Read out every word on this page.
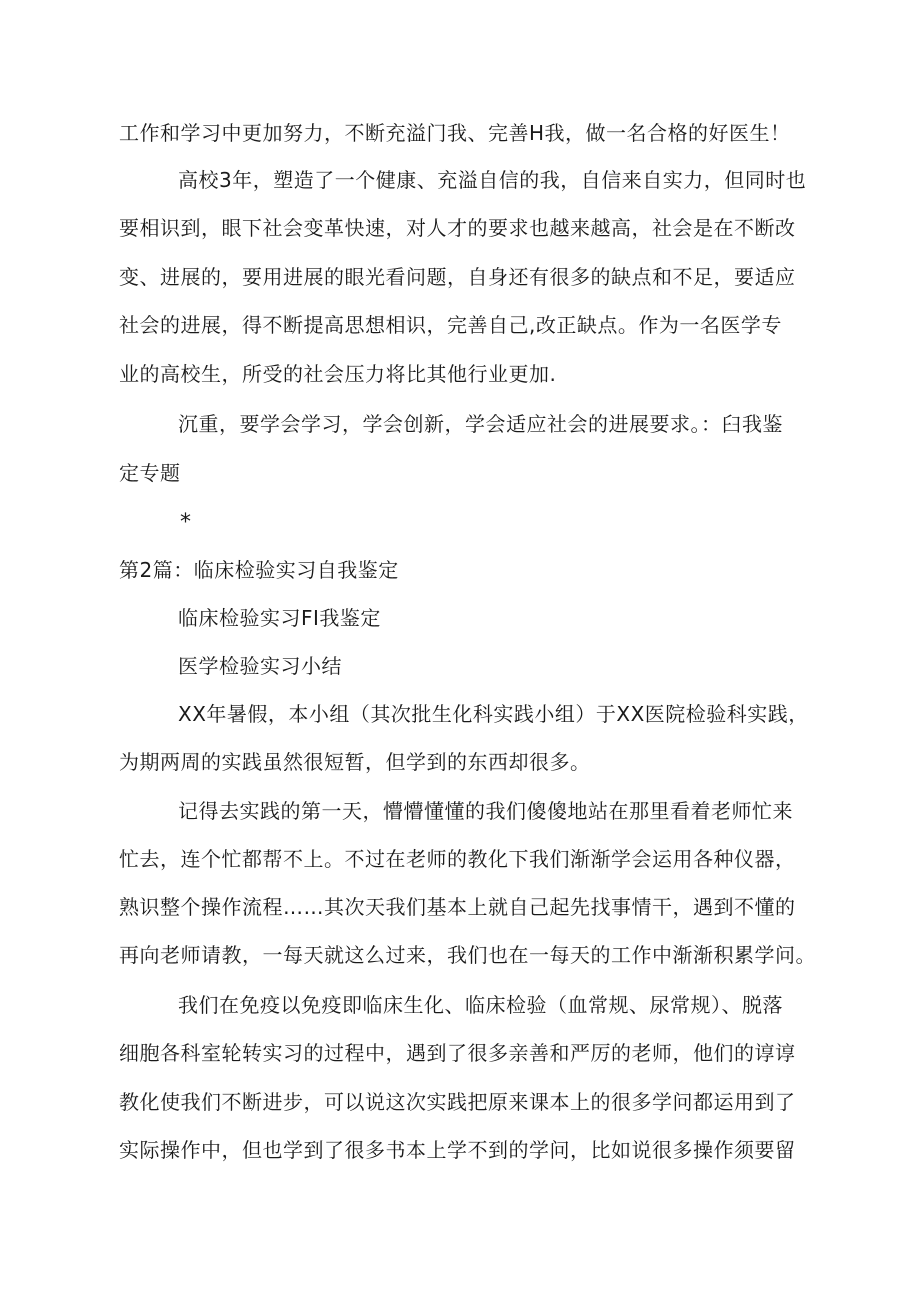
工作和学习中更加努力，不断充溢门我、完善H我，做一名合格的好医生！
高校3年，塑造了一个健康、充溢自信的我，自信来自实力，但同时也
要相识到，眼下社会变革快速，对人才的要求也越来越高，社会是在不断改
变、进展的，要用进展的眼光看问题，自身还有很多的缺点和不足，要适应
社会的进展，得不断提高思想相识，完善自己,改正缺点。作为一名医学专
业的高校生，所受的社会压力将比其他行业更加.
沉重，要学会学习，学会创新，学会适应社会的进展要求。：臼我鉴
定专题
*
第2篇：临床检验实习自我鉴定
临床检验实习FI我鉴定
医学检验实习小结
XX年暑假，本小组（其次批生化科实践小组）于XX医院检验科实践，
为期两周的实践虽然很短暂，但学到的东西却很多。
记得去实践的第一天，懵懵懂懂的我们傻傻地站在那里看着老师忙来
忙去，连个忙都帮不上。不过在老师的教化下我们渐渐学会运用各种仪器，
熟识整个操作流程……其次天我们基本上就自己起先找事情干，遇到不懂的
再向老师请教，一每天就这么过来，我们也在一每天的工作中渐渐积累学问。
我们在免疫以免疫即临床生化、临床检验（血常规、尿常规）、脱落
细胞各科室轮转实习的过程中，遇到了很多亲善和严厉的老师，他们的谆谆
教化使我们不断进步，可以说这次实践把原来课本上的很多学问都运用到了
实际操作中，但也学到了很多书本上学不到的学问，比如说很多操作须要留
